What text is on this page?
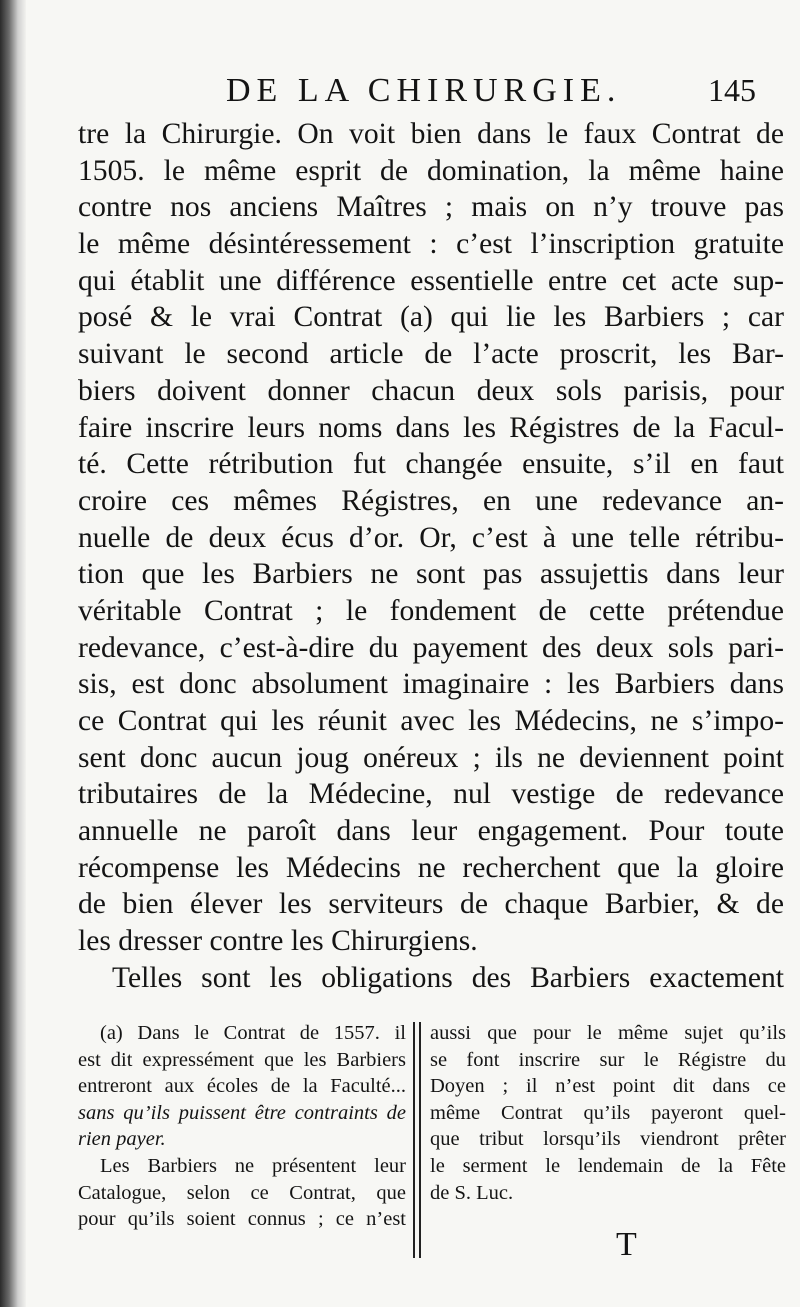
DE LA CHIRURGIE.	145
tre la Chirurgie. On voit bien dans le faux Contrat de
1505. le même esprit de domination, la même haine
contre nos anciens Maîtres ; mais on n’y trouve pas
le même désintéressement : c’est l’inscription gratuite
qui établit une différence essentielle entre cet acte sup-
posé & le vrai Contrat (a) qui lie les Barbiers ; car
suivant le second article de l’acte proscrit, les Bar-
biers doivent donner chacun deux sols parisis, pour
faire inscrire leurs noms dans les Régistres de la Facul-
té. Cette rétribution fut changée ensuite, s’il en faut
croire ces mêmes Régistres, en une redevance an-
nuelle de deux écus d’or. Or, c’est à une telle rétribu-
tion que les Barbiers ne sont pas assujettis dans leur
véritable Contrat ; le fondement de cette prétendue
redevance, c’est-à-dire du payement des deux sols pari-
sis, est donc absolument imaginaire : les Barbiers dans
ce Contrat qui les réunit avec les Médecins, ne s’impo-
sent donc aucun joug onéreux ; ils ne deviennent point
tributaires de la Médecine, nul vestige de redevance
annuelle ne paroît dans leur engagement. Pour toute
récompense les Médecins ne recherchent que la gloire
de bien élever les serviteurs de chaque Barbier, & de
les dresser contre les Chirurgiens.
Telles sont les obligations des Barbiers exactement
(a) Dans le Contrat de 1557. il
est dit expressément que les Barbiers
entreront aux écoles de la Faculté...
sans qu’ils puissent être contraints de
rien payer.
Les Barbiers ne présentent leur
Catalogue, selon ce Contrat, que
pour qu’ils soient connus ; ce n’est
aussi que pour le même sujet qu’ils
se font inscrire sur le Régistre du
Doyen ; il n’est point dit dans ce
même Contrat qu’ils payeront quel-
que tribut lorsqu’ils viendront prêter
le serment le lendemain de la Fête
de S. Luc.
T
